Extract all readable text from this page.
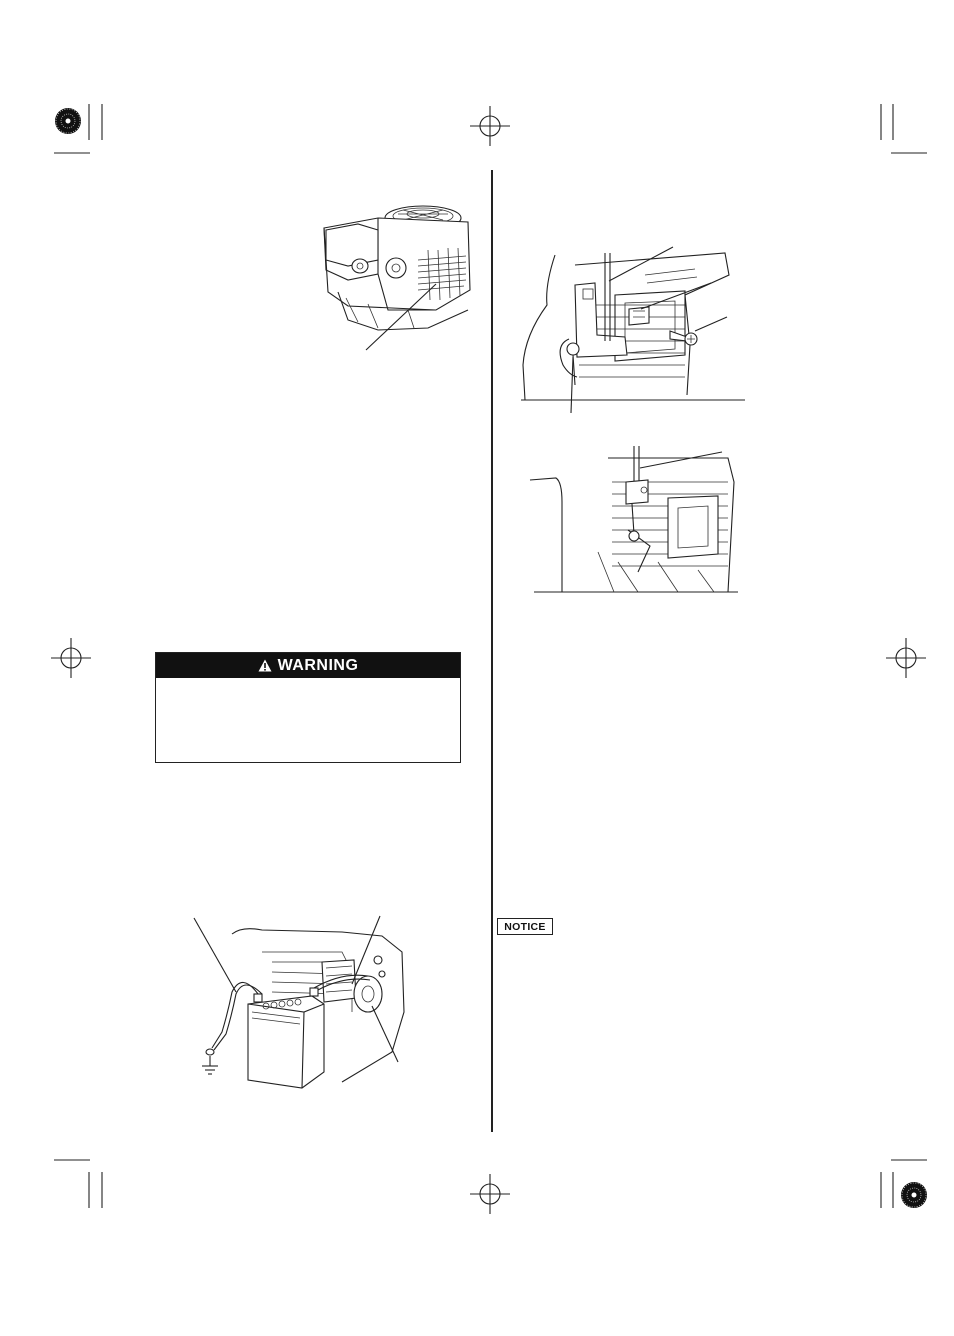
WARNING
NOTICE
